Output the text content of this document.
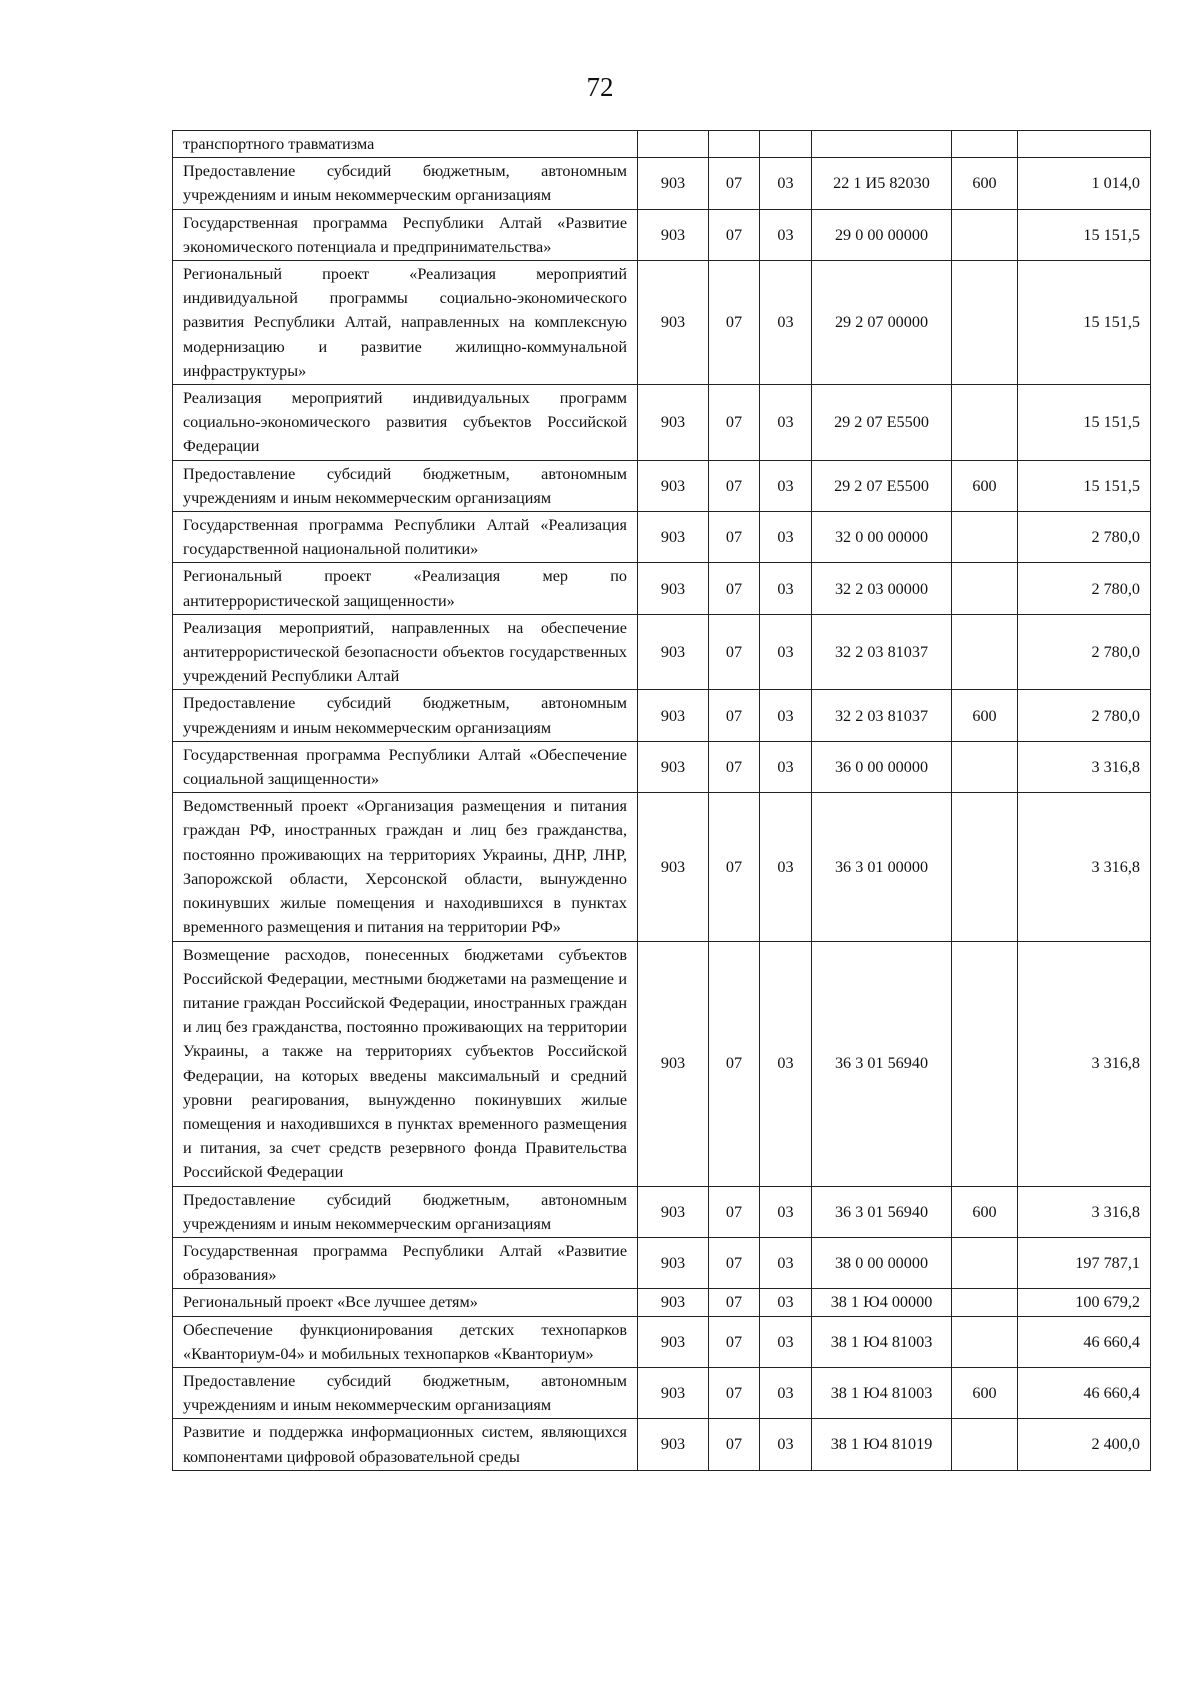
72
транспортного травматизма						
Предоставление субсидий бюджетным, автономным учреждениям и иным некоммерческим организациям	903	07	03	22 1 И5 82030	600	1 014,0
Государственная программа Республики Алтай «Развитие экономического потенциала и предпринимательства»	903	07	03	29 0 00 00000		15 151,5
Региональный проект «Реализация мероприятий индивидуальной программы социально-экономического развития Республики Алтай, направленных на комплексную модернизацию и развитие жилищно-коммунальной инфраструктуры»	903	07	03	29 2 07 00000		15 151,5
Реализация мероприятий индивидуальных программ социально-экономического развития субъектов Российской Федерации	903	07	03	29 2 07 Е5500		15 151,5
Предоставление субсидий бюджетным, автономным учреждениям и иным некоммерческим организациям	903	07	03	29 2 07 Е5500	600	15 151,5
Государственная программа Республики Алтай «Реализация государственной национальной политики»	903	07	03	32 0 00 00000		2 780,0
Региональный проект «Реализация мер по антитеррористической защищенности»	903	07	03	32 2 03 00000		2 780,0
Реализация мероприятий, направленных на обеспечение антитеррористической безопасности объектов государственных учреждений Республики Алтай	903	07	03	32 2 03 81037		2 780,0
Предоставление субсидий бюджетным, автономным учреждениям и иным некоммерческим организациям	903	07	03	32 2 03 81037	600	2 780,0
Государственная программа Республики Алтай «Обеспечение социальной защищенности»	903	07	03	36 0 00 00000		3 316,8
Ведомственный проект «Организация размещения и питания граждан РФ, иностранных граждан и лиц без гражданства, постоянно проживающих на территориях Украины, ДНР, ЛНР, Запорожской области, Херсонской области, вынужденно покинувших жилые помещения и находившихся в пунктах временного размещения и питания на территории РФ»	903	07	03	36 3 01 00000		3 316,8
Возмещение расходов, понесенных бюджетами субъектов Российской Федерации, местными бюджетами на размещение и питание граждан Российской Федерации, иностранных граждан и лиц без гражданства, постоянно проживающих на территории Украины, а также на территориях субъектов Российской Федерации, на которых введены максимальный и средний уровни реагирования, вынужденно покинувших жилые помещения и находившихся в пунктах временного размещения и питания, за счет средств резервного фонда Правительства Российской Федерации	903	07	03	36 3 01 56940		3 316,8
Предоставление субсидий бюджетным, автономным учреждениям и иным некоммерческим организациям	903	07	03	36 3 01 56940	600	3 316,8
Государственная программа Республики Алтай «Развитие образования»	903	07	03	38 0 00 00000		197 787,1
Региональный проект «Все лучшее детям»	903	07	03	38 1 Ю4 00000		100 679,2
Обеспечение функционирования детских технопарков «Кванториум-04» и мобильных технопарков «Кванториум»	903	07	03	38 1 Ю4 81003		46 660,4
Предоставление субсидий бюджетным, автономным учреждениям и иным некоммерческим организациям	903	07	03	38 1 Ю4 81003	600	46 660,4
Развитие и поддержка информационных систем, являющихся компонентами цифровой образовательной среды	903	07	03	38 1 Ю4 81019		2 400,0
